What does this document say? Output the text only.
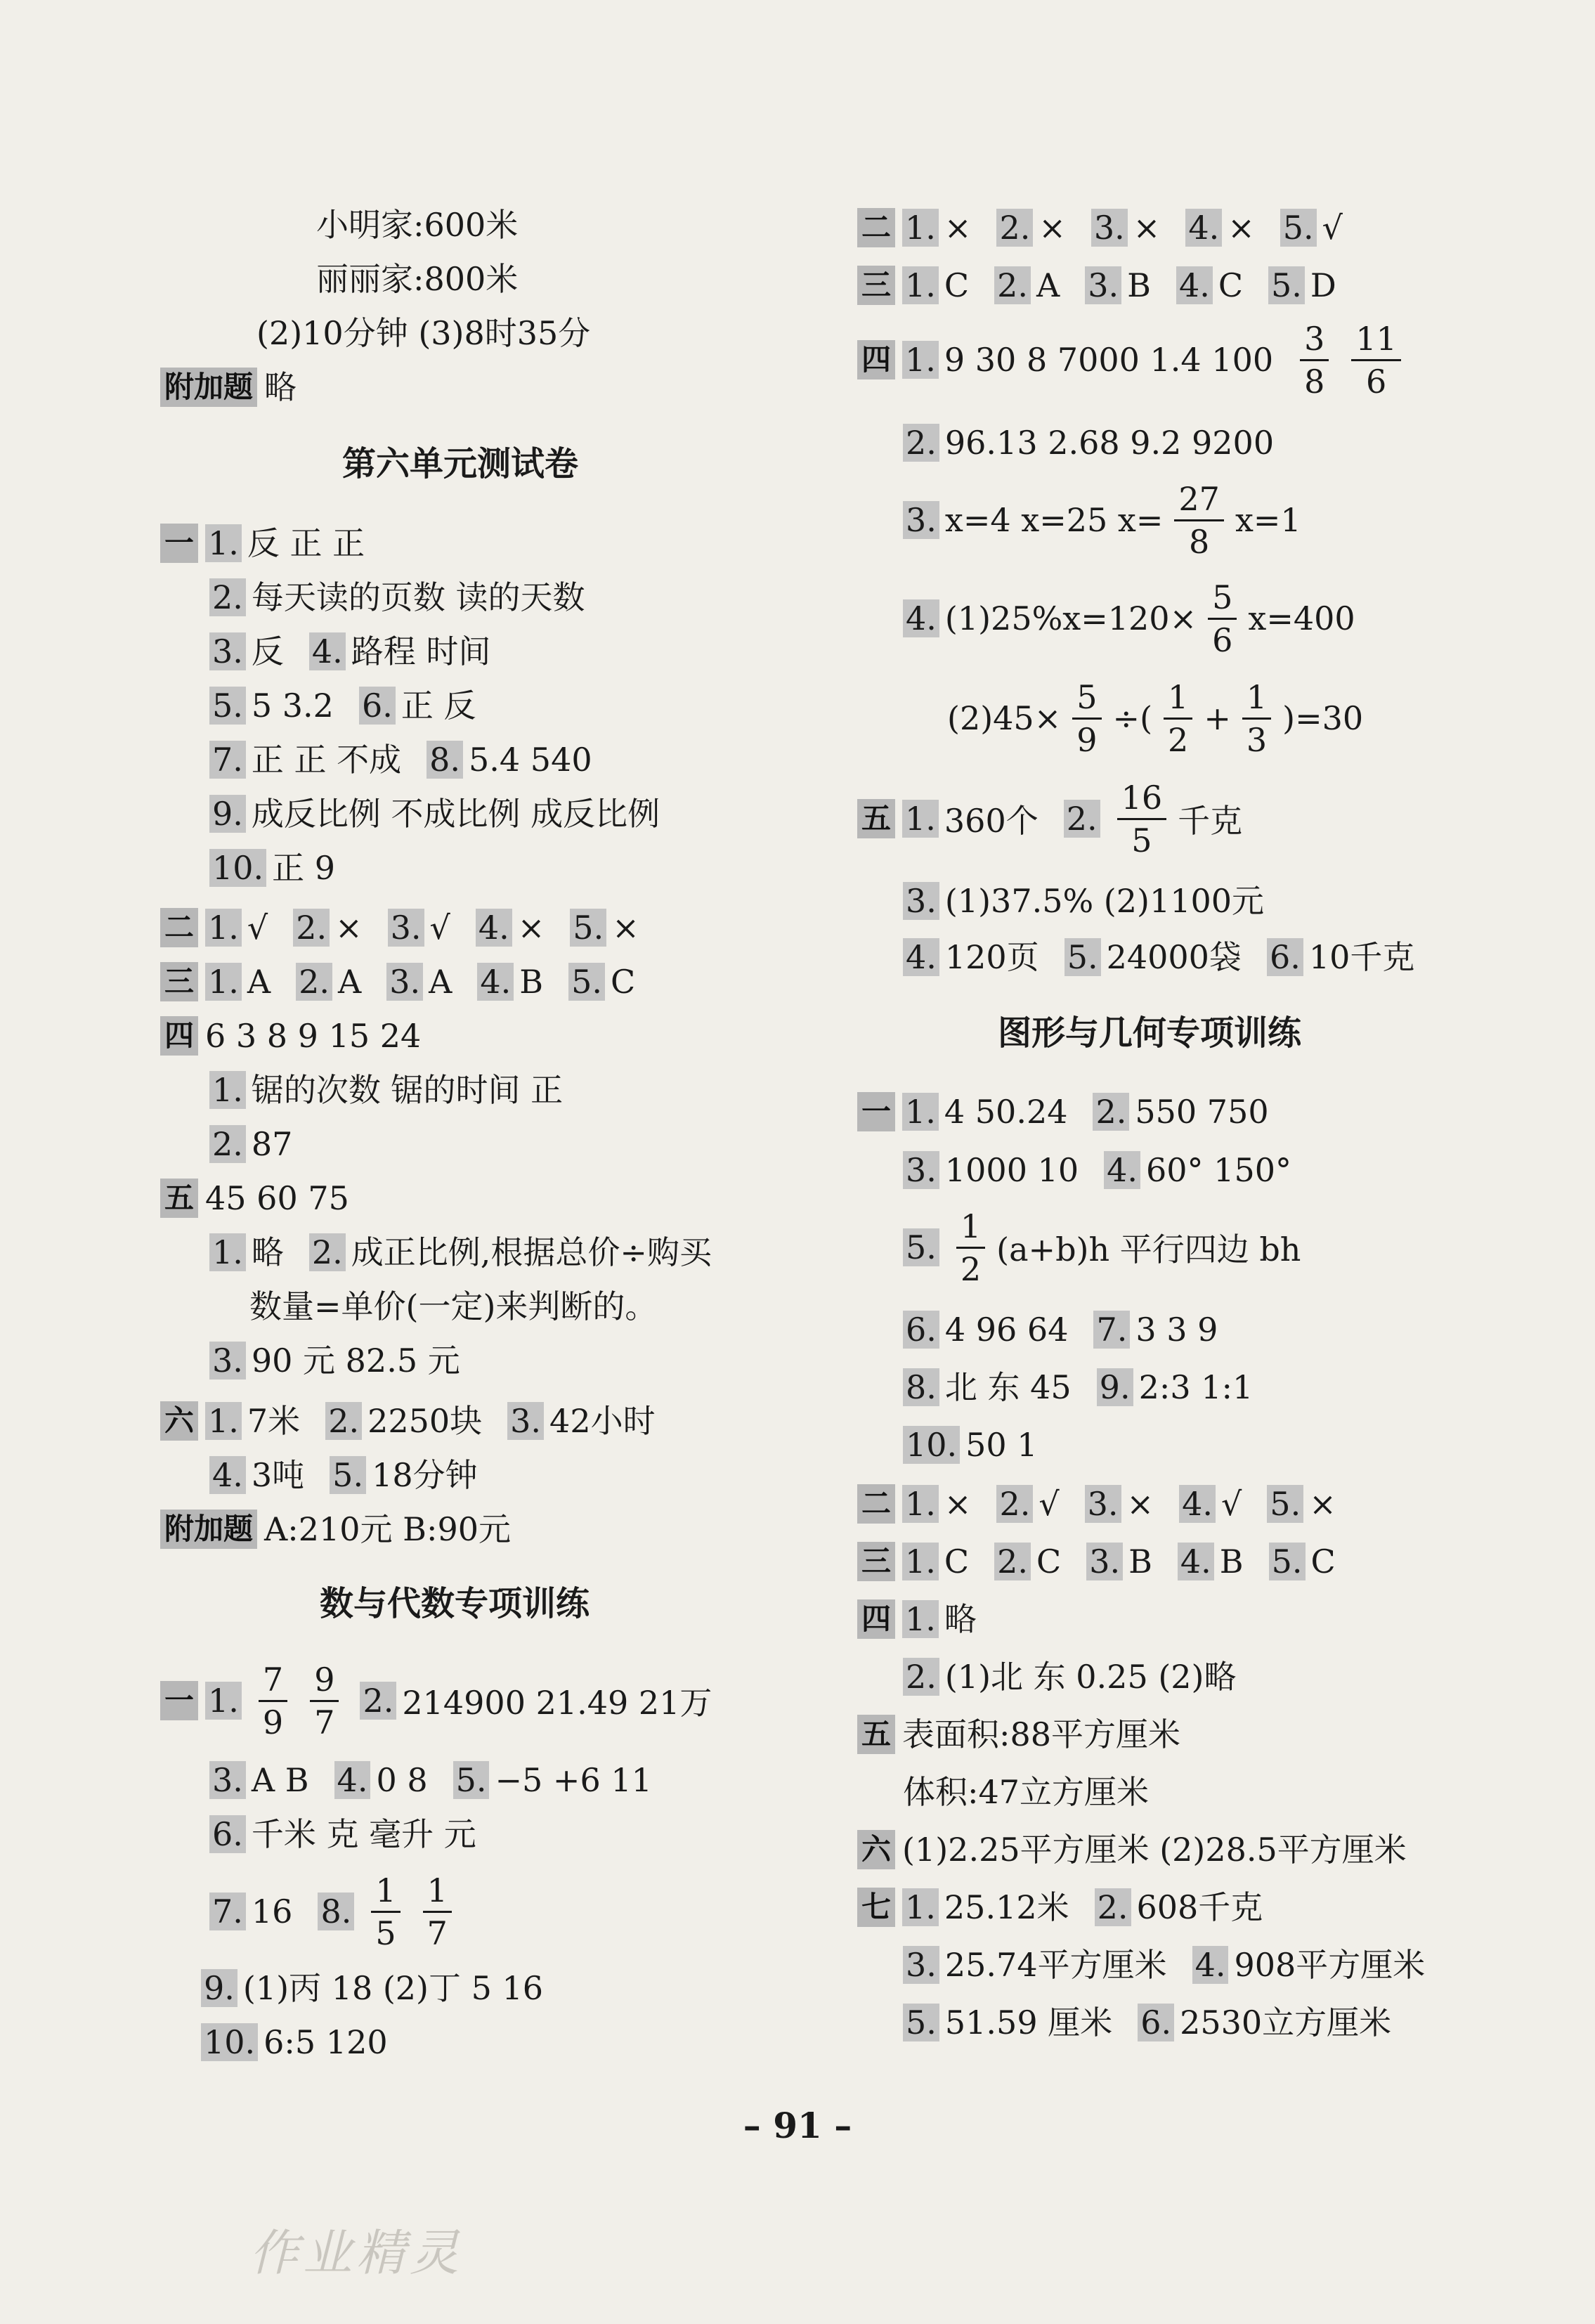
小明家:600米
丽丽家:800米
(2)10分钟 (3)8时35分
附加题 略
第六单元测试卷
一 1. 反 正 正
2. 每天读的页数 读的天数
3. 反 4. 路程 时间
5. 5 3.2 6. 正 反
7. 正 正 不成 8. 5.4 540
9. 成反比例 不成比例 成反比例
10. 正 9
二 1. √ 2. × 3. √ 4. × 5. ×
三 1. A 2. A 3. A 4. B 5. C
四 6 3 8 9 15 24
1. 锯的次数 锯的时间 正
2. 87
五 45 60 75
1. 略 2. 成正比例,根据总价÷购买
数量=单价(一定)来判断的。
3. 90 元 82.5 元
六 1. 7米 2. 2250块 3. 42小时
4. 3吨 5. 18分钟
附加题 A:210元 B:90元
数与代数专项训练
一 1. $\frac{7}{9} \frac{9}{7} 2$. 214900 21.49 21万
3. A B 4. 0 8 5. −5 +6 11
6. 千米 克 毫升 元
7. 16 8. $\frac{1}{5} \frac{1}{7}$
9. (1)丙 18 (2)丁 5 16
10. 6:5 120
二 1. × 2. × 3. × 4. × 5. √
三 1. C 2. A 3. B 4. C 5. D
四 1. 9 30 8 7000 1.4 $100 \frac{3}{8} \frac{11}{6}$
2. 96.13 2.68 9.2 9200
3. x=4 x=25 $x= \frac{27}{8} x=1$
4. $(1)25\%x=120\times \frac{5}{6} x=400$
$(2)45\times \frac{5}{9}$ ÷( $\frac{1}{2} + \frac{1}{3} )=30$
五 1. 360个 2. $\frac{16}{5}$ 千克
3. (1)37.5% (2)1100元
4. 120页 5. 24000袋 6. 10千克
图形与几何专项训练
一 1. 4 50.24 2. 550 750
3. 1000 10 4. 60° 150°
5. $\frac{1}{2} (a+b)h$ 平行四边 bh
6. 4 96 64 7. 3 3 9
8. 北 东 45 9. 2:3 1:1
10. 50 1
二 1. × 2. √ 3. × 4. √ 5. ×
三 1. C 2. C 3. B 4. B 5. C
四 1. 略
2. (1)北 东 0.25 (2)略
五 表面积:88平方厘米
体积:47立方厘米
六 (1)2.25平方厘米 (2)28.5平方厘米
七 1. 25.12米 2. 608千克
3. 25.74平方厘米 4. 908平方厘米
5. 51.59 厘米 6. 2530立方厘米
– 91 –
作业精灵
